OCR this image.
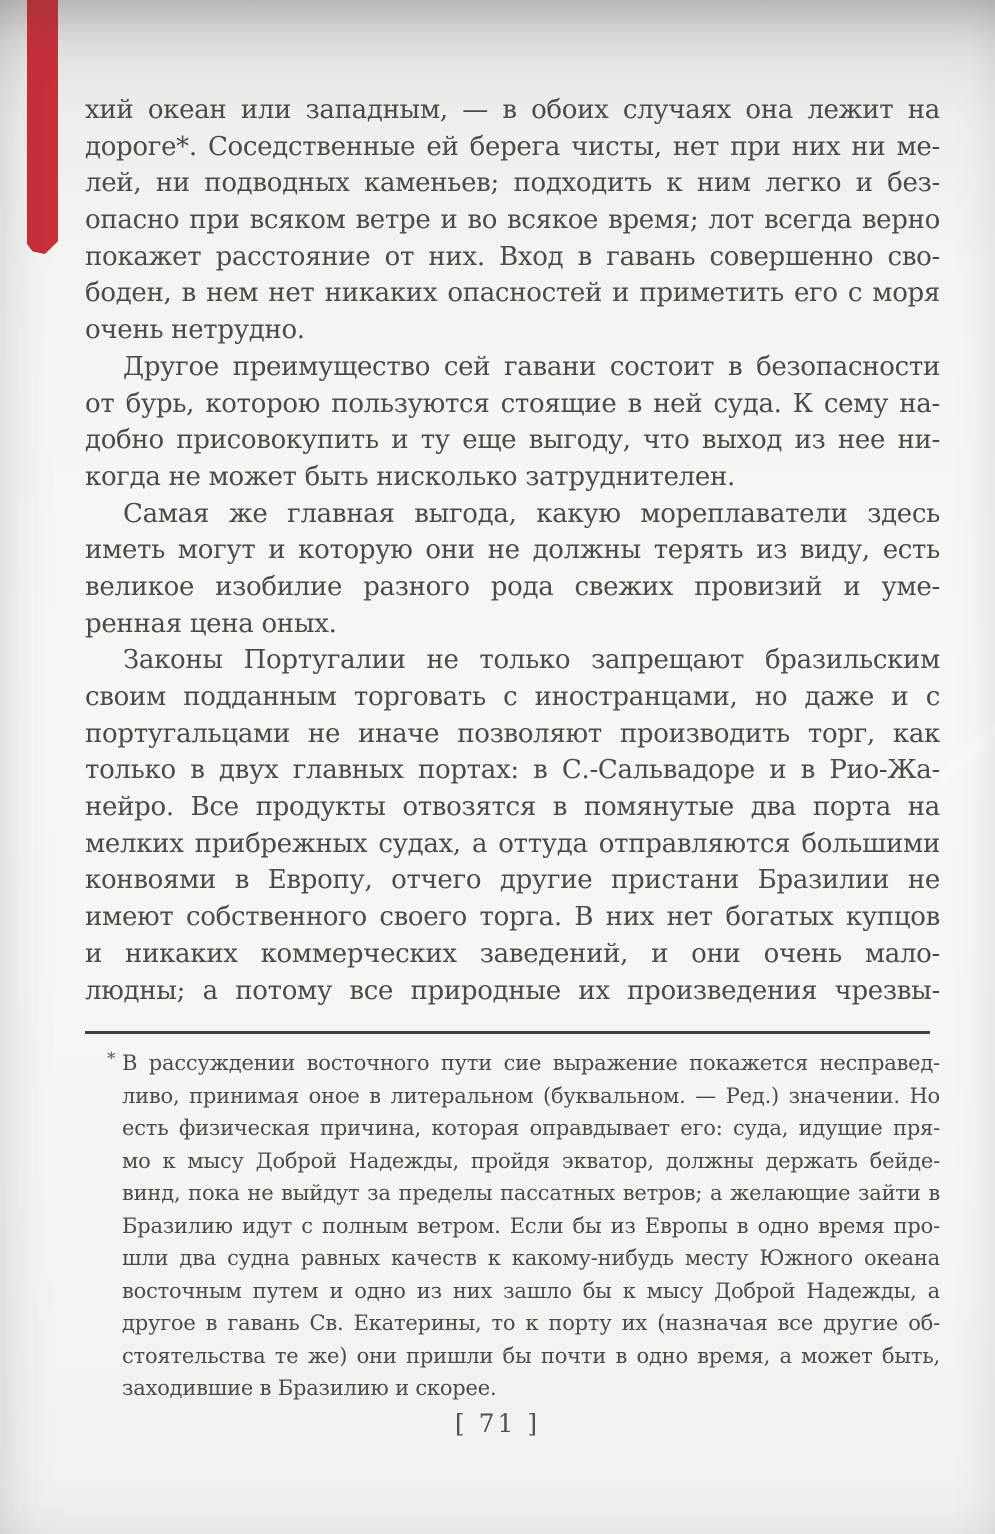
хий океан или западным, — в обоих случаях она лежит на
дороге*. Соседственные ей берега чисты, нет при них ни ме-
лей, ни подводных каменьев; подходить к ним легко и без-
опасно при всяком ветре и во всякое время; лот всегда верно
покажет расстояние от них. Вход в гавань совершенно сво-
боден, в нем нет никаких опасностей и приметить его с моря
очень нетрудно.
Другое преимущество сей гавани состоит в безопасности
от бурь, которою пользуются стоящие в ней суда. К сему на-
добно присовокупить и ту еще выгоду, что выход из нее ни-
когда не может быть нисколько затруднителен.
Самая же главная выгода, какую мореплаватели здесь
иметь могут и которую они не должны терять из виду, есть
великое изобилие разного рода свежих провизий и уме-
ренная цена оных.
Законы Португалии не только запрещают бразильским
своим подданным торговать с иностранцами, но даже и с
португальцами не иначе позволяют производить торг, как
только в двух главных портах: в С.-Сальвадоре и в Рио-Жа-
нейро. Все продукты отвозятся в помянутые два порта на
мелких прибрежных судах, а оттуда отправляются большими
конвоями в Европу, отчего другие пристани Бразилии не
имеют собственного своего торга. В них нет богатых купцов
и никаких коммерческих заведений, и они очень мало-
людны; а потому все природные их произведения чрезвы-
* В рассуждении восточного пути сие выражение покажется несправед-
ливо, принимая оное в литеральном (буквальном. — Ред.) значении. Но
есть физическая причина, которая оправдывает его: суда, идущие пря-
мо к мысу Доброй Надежды, пройдя экватор, должны держать бейде-
винд, пока не выйдут за пределы пассатных ветров; а желающие зайти в
Бразилию идут с полным ветром. Если бы из Европы в одно время про-
шли два судна равных качеств к какому-нибудь месту Южного океана
восточным путем и одно из них зашло бы к мысу Доброй Надежды, а
другое в гавань Св. Екатерины, то к порту их (назначая все другие об-
стоятельства те же) они пришли бы почти в одно время, а может быть,
заходившие в Бразилию и скорее.
[ 71 ]
